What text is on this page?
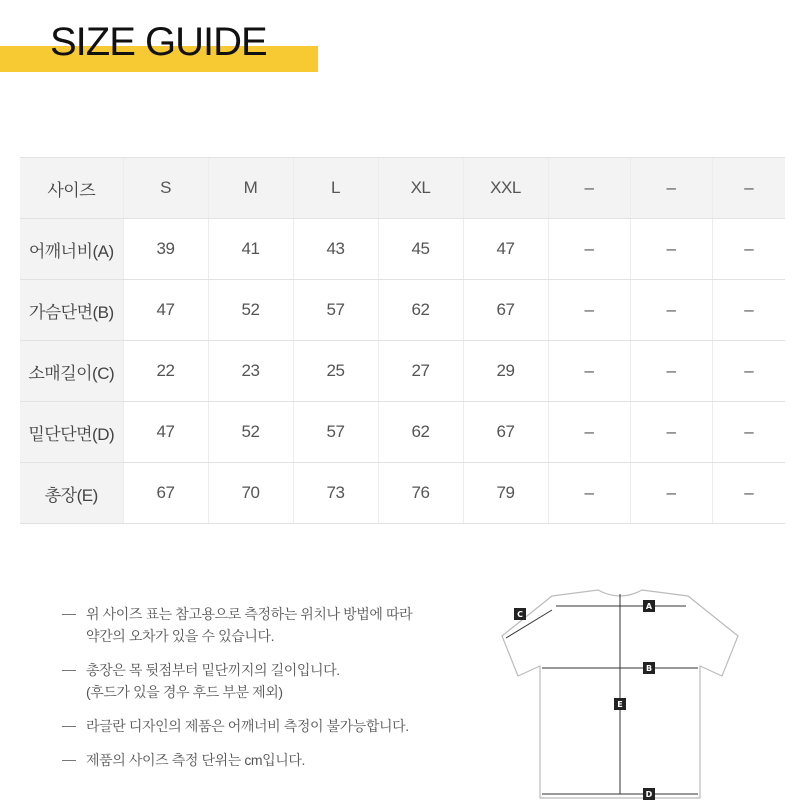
SIZE GUIDE
사이즈	S	M	L	XL	XXL	–	–	–
어깨너비(A)	39	41	43	45	47	–	–	–
가슴단면(B)	47	52	57	62	67	–	–	–
소매길이(C)	22	23	25	27	29	–	–	–
밑단단면(D)	47	52	57	62	67	–	–	–
총장(E)	67	70	73	76	79	–	–	–
위 사이즈 표는 참고용으로 측정하는 위치나 방법에 따라
약간의 오차가 있을 수 있습니다.
총장은 목 뒷점부터 밑단끼지의 길이입니다.
(후드가 있을 경우 후드 부분 제외)
라글란 디자인의 제품은 어깨너비 측정이 불가능합니다.
제품의 사이즈 측정 단위는 cm입니다.
A
B
C
D
E
